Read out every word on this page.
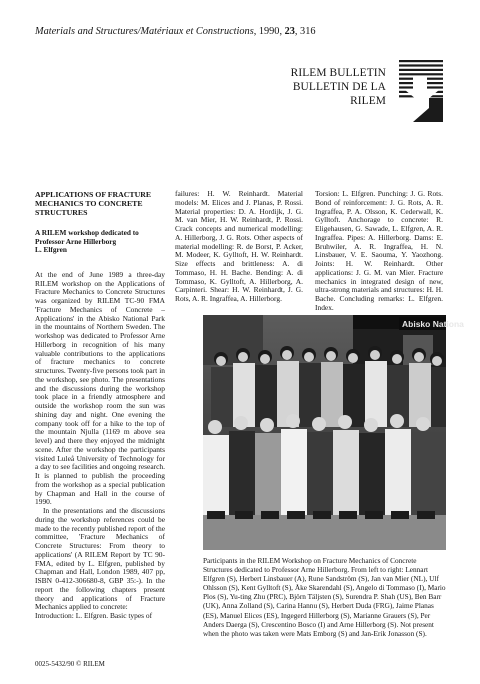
Materials and Structures/Matériaux et Constructions, 1990, 23, 316
RILEM BULLETIN
BULLETIN DE LA RILEM

APPLICATIONS OF FRACTURE MECHANICS TO CONCRETE STRUCTURES

A RILEM workshop dedicated to Professor Arne Hillerborg
L. Elfgren

At the end of June 1989 a three-day RILEM workshop on the Applications of Fracture Mechanics to Concrete Structures was organized by RILEM TC-90 FMA 'Fracture Mechanics of Concrete – Applications' in the Abisko National Park in the mountains of Northern Sweden. The workshop was dedicated to Professor Arne Hillerborg in recognition of his many valuable contributions to the applications of fracture mechanics to concrete structures. Twenty-five persons took part in the workshop, see photo. The presentations and the discussions during the workshop took place in a friendly atmosphere and outside the workshop room the sun was shining day and night. One evening the company took off for a hike to the top of the mountain Njulla (1169 m above sea level) and there they enjoyed the midnight scene. After the workshop the participants visited Luleå University of Technology for a day to see facilities and ongoing research. It is planned to publish the proceeding from the workshop as a special publication by Chapman and Hall in the course of 1990.

In the presentations and the discussions during the workshop references could be made to the recently published report of the committee, 'Fracture Mechanics of Concrete Structures: From theory to applications' (A RILEM Report by TC 90-FMA, edited by L. Elfgren, published by Chapman and Hall, London 1989, 407 pp, ISBN 0-412-306680-8, GBP 35:-). In the report the following chapters present theory and applications of Fracture Mechanics applied to concrete:

Introduction: L. Elfgren. Basic types of

failures: H. W. Reinhardt. Material models: M. Elices and J. Planas, P. Rossi. Material properties: D. A. Hordijk, J. G. M. van Mier, H. W. Reinhardt, P. Rossi. Crack concepts and numerical modelling: A. Hillerborg, J. G. Rots. Other aspects of material modelling: R. de Borst, P. Acker, M. Modeer, K. Gylltoft, H. W. Reinhardt. Size effects and brittleness: A. di Tommaso, H. H. Bache. Bending: A. di Tommaso, K. Gylltoft, A. Hillerborg, A. Carpinteri. Shear: H. W. Reinhardt, J. G. Rots, A. R. Ingraffea, A. Hillerborg.

Torsion: L. Elfgren. Punching: J. G. Rots. Bond of reinforcement: J. G. Rots, A. R. Ingraffea, P. A. Olsson, K. Cederwall, K. Gylltoft. Anchorage to concrete: R. Eligehausen, G. Sawade, L. Elfgren, A. R. Ingraffea. Pipes: A. Hillerborg. Dams: E. Bruhwiler, A. R. Ingraffea, H. N. Linsbauer, V. E. Saouma, Y. Yaozhong. Joints: H. W. Reinhardt. Other applications: J. G. M. van Mier. Fracture mechanics in integrated design of new, ultra-strong materials and structures: H. H. Bache. Concluding remarks: L. Elfgren. Index.

Abisko Nationa
Participants in the RILEM Workshop on Fracture Mechanics of Concrete Structures dedicated to Professor Arne Hillerborg. From left to right: Lennart Elfgren (S), Herbert Linsbauer (A), Rune Sandström (S), Jan van Mier (NL), Ulf Ohlsson (S), Kent Gylltoft (S), Åke Skarendahl (S), Angelo di Tommaso (I), Mario Plos (S), Yu-ting Zhu (PRC), Björn Täljsten (S), Surendra P. Shah (US), Ben Barr (UK), Anna Zolland (S), Carina Hannu (S), Herbert Duda (FRG), Jaime Planas (ES), Manuel Elices (ES), Ingegerd Hillerborg (S), Marianne Grauers (S), Per Anders Daerga (S), Crescentino Bosco (I) and Arne Hillerborg (S). Not present when the photo was taken were Mats Emborg (S) and Jan-Erik Jonasson (S).
0025-5432/90 © RILEM
